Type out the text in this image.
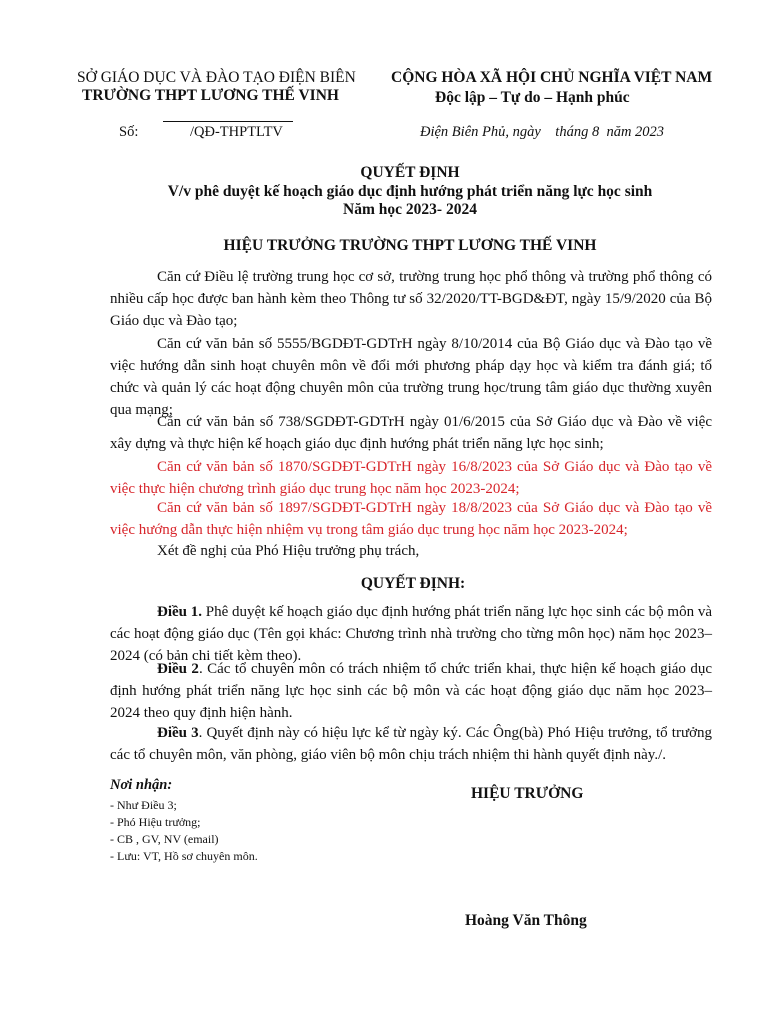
SỞ GIÁO DỤC VÀ ĐÀO TẠO ĐIỆN BIÊN
TRƯỜNG THPT LƯƠNG THẾ VINH
Số:	/QĐ-THPTLTV
CỘNG HÒA XÃ HỘI CHỦ NGHĨA VIỆT NAM
Độc lập – Tự do – Hạnh phúc
Điện Biên Phủ, ngày    tháng 8  năm 2023
QUYẾT ĐỊNH
V/v phê duyệt kế hoạch giáo dục định hướng phát triển năng lực học sinh
Năm học 2023- 2024
HIỆU TRƯỞNG TRƯỜNG THPT LƯƠNG THẾ VINH
Căn cứ Điều lệ trường trung học cơ sở, trường trung học phổ thông và trường phổ thông có nhiều cấp học được ban hành kèm theo Thông tư số 32/2020/TT-BGD&ĐT, ngày 15/9/2020 của Bộ Giáo dục và Đào tạo;
Căn cứ văn bản số 5555/BGDĐT-GDTrH ngày 8/10/2014 của Bộ Giáo dục và Đào tạo về việc hướng dẫn sinh hoạt chuyên môn về đổi mới phương pháp dạy học và kiểm tra đánh giá; tổ chức và quản lý các hoạt động chuyên môn của trường trung học/trung tâm giáo dục thường xuyên qua mạng;
Căn cứ văn bản số 738/SGDĐT-GDTrH ngày 01/6/2015 của Sở Giáo dục và Đào về việc xây dựng và thực hiện kế hoạch giáo dục định hướng phát triển năng lực học sinh;
Căn cứ văn bản số 1870/SGDĐT-GDTrH ngày 16/8/2023 của Sở Giáo dục và Đào tạo về việc thực hiện chương trình giáo dục trung học năm học 2023-2024;
Căn cứ văn bản số 1897/SGDĐT-GDTrH ngày 18/8/2023 của Sở Giáo dục và Đào tạo về việc hướng dẫn thực hiện nhiệm vụ trong tâm giáo dục trung học năm học 2023-2024;
Xét đề nghị của Phó Hiệu trưởng phụ trách,
QUYẾT ĐỊNH:
Điều 1. Phê duyệt kế hoạch giáo dục định hướng phát triển năng lực học sinh các bộ môn và các hoạt động giáo dục (Tên gọi khác: Chương trình nhà trường cho từng môn học) năm học 2023– 2024 (có bản chi tiết kèm theo).
Điều 2. Các tổ chuyên môn có trách nhiệm tổ chức triển khai, thực hiện kế hoạch giáo dục định hướng phát triển năng lực học sinh các bộ môn và các hoạt động giáo dục năm học 2023– 2024 theo quy định hiện hành.
Điều 3. Quyết định này có hiệu lực kể từ ngày ký. Các Ông(bà) Phó Hiệu trưởng, tổ trưởng các tổ chuyên môn, văn phòng, giáo viên bộ môn chịu trách nhiệm thi hành quyết định này./.
Nơi nhận:
- Như Điều 3;
- Phó Hiệu trưởng;
- CB , GV, NV (email)
- Lưu: VT, Hồ sơ chuyên môn.
HIỆU TRƯỞNG
Hoàng Văn Thông
